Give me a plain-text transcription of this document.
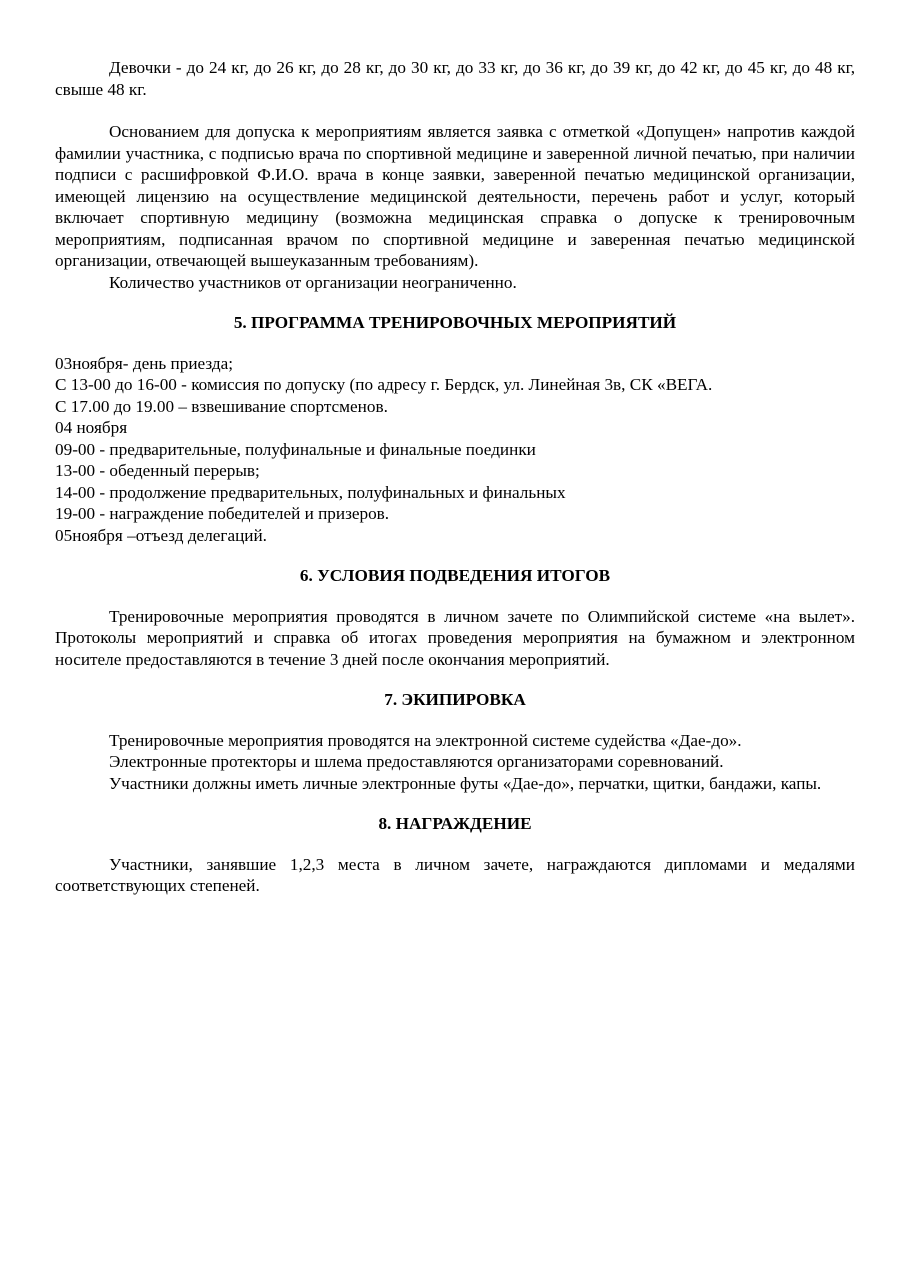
Девочки - до 24 кг, до 26 кг, до 28 кг, до 30 кг, до 33 кг, до 36 кг, до 39 кг, до 42 кг, до 45 кг, до 48 кг, свыше 48 кг.

Основанием для допуска к мероприятиям является заявка с отметкой «Допущен» напротив каждой фамилии участника, с подписью врача по спортивной медицине и заверенной личной печатью, при наличии подписи с расшифровкой Ф.И.О. врача в конце заявки, заверенной печатью медицинской организации, имеющей лицензию на осуществление медицинской деятельности, перечень работ и услуг, который включает спортивную медицину (возможна медицинская справка о допуске к тренировочным мероприятиям, подписанная врачом по спортивной медицине и заверенная печатью медицинской организации, отвечающей вышеуказанным требованиям).

Количество участников от организации неограниченно.

5. ПРОГРАММА ТРЕНИРОВОЧНЫХ МЕРОПРИЯТИЙ

03ноября- день приезда;

С 13-00 до 16-00 - комиссия по допуску (по адресу г. Бердск, ул. Линейная 3в, СК «ВЕГА.

С 17.00 до 19.00 – взвешивание спортсменов.

04 ноября

09-00 - предварительные, полуфинальные и финальные поединки

13-00 - обеденный перерыв;

14-00 - продолжение предварительных, полуфинальных и финальных

19-00 - награждение победителей и призеров.

05ноября –отъезд делегаций.

6. УСЛОВИЯ ПОДВЕДЕНИЯ ИТОГОВ

Тренировочные мероприятия проводятся в личном зачете по Олимпийской системе «на вылет». Протоколы мероприятий и справка об итогах проведения мероприятия на бумажном и электронном носителе предоставляются в течение 3 дней после окончания мероприятий.

7. ЭКИПИРОВКА

Тренировочные мероприятия проводятся на электронной системе судейства «Дае-до».

Электронные протекторы и шлема предоставляются организаторами соревнований.

Участники должны иметь личные электронные футы «Дае-до», перчатки, щитки, бандажи, капы.

8. НАГРАЖДЕНИЕ

Участники, занявшие 1,2,3 места в личном зачете, награждаются дипломами и медалями соответствующих степеней.
